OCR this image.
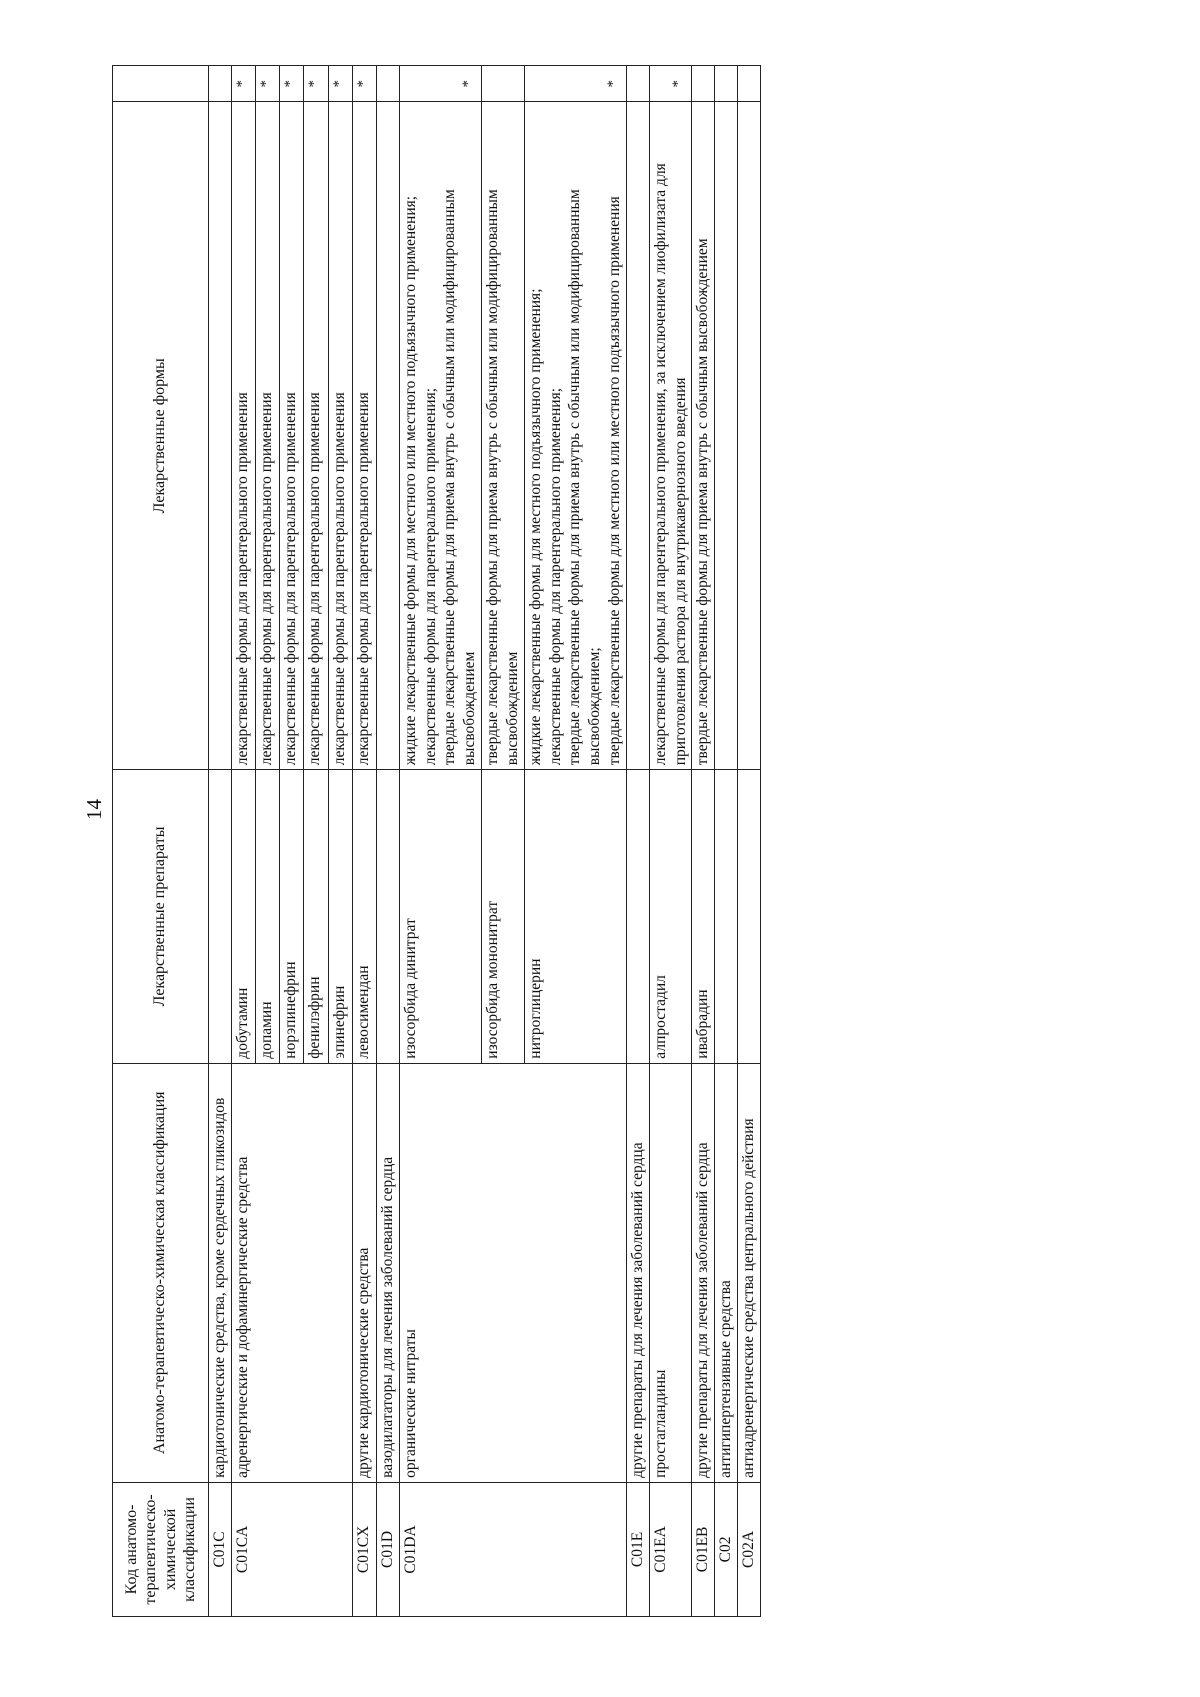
14
Код анатомо-терапевтическо-химической классификации	Анатомо-терапевтическо-химическая классификация	Лекарственные препараты	Лекарственные формы	
C01C	кардиотонические средства, кроме сердечных гликозидов			
C01CA	адренергические и дофаминергические средства	добутамин	лекарственные формы для парентерального применения	*
		допамин	лекарственные формы для парентерального применения	*
		норэпинефрин	лекарственные формы для парентерального применения	*
		фенилэфрин	лекарственные формы для парентерального применения	*
		эпинефрин	лекарственные формы для парентерального применения	*
C01CX	другие кардиотонические средства	левосимендан	лекарственные формы для парентерального применения	*
C01D	вазодилататоры для лечения заболеваний сердца			
C01DA	органические нитраты	изосорбида динитрат	жидкие лекарственные формы для местного или местного подъязычного применения; лекарственные формы для парентерального применения; твердые лекарственные формы для приема внутрь с обычным или модифицированным высвобождением	*
		изосорбида мононитрат	твердые лекарственные формы для приема внутрь с обычным или модифицированным высвобождением	
		нитроглицерин	жидкие лекарственные формы для местного подъязычного применения; лекарственные формы для парентерального применения; твердые лекарственные формы для приема внутрь с обычным или модифицированным высвобождением; твердые лекарственные формы для местного или местного подъязычного применения	*
C01E	другие препараты для лечения заболеваний сердца			
C01EA	простагландины	алпростадил	лекарственные формы для парентерального применения, за исключением лиофилизата для приготовления раствора для внутрикавернозного введения	*
C01EB	другие препараты для лечения заболеваний сердца	ивабрадин	твердые лекарственные формы для приема внутрь с обычным высвобождением	
C02	антигипертензивные средства			
C02A	антиадренергические средства центрального действия			
